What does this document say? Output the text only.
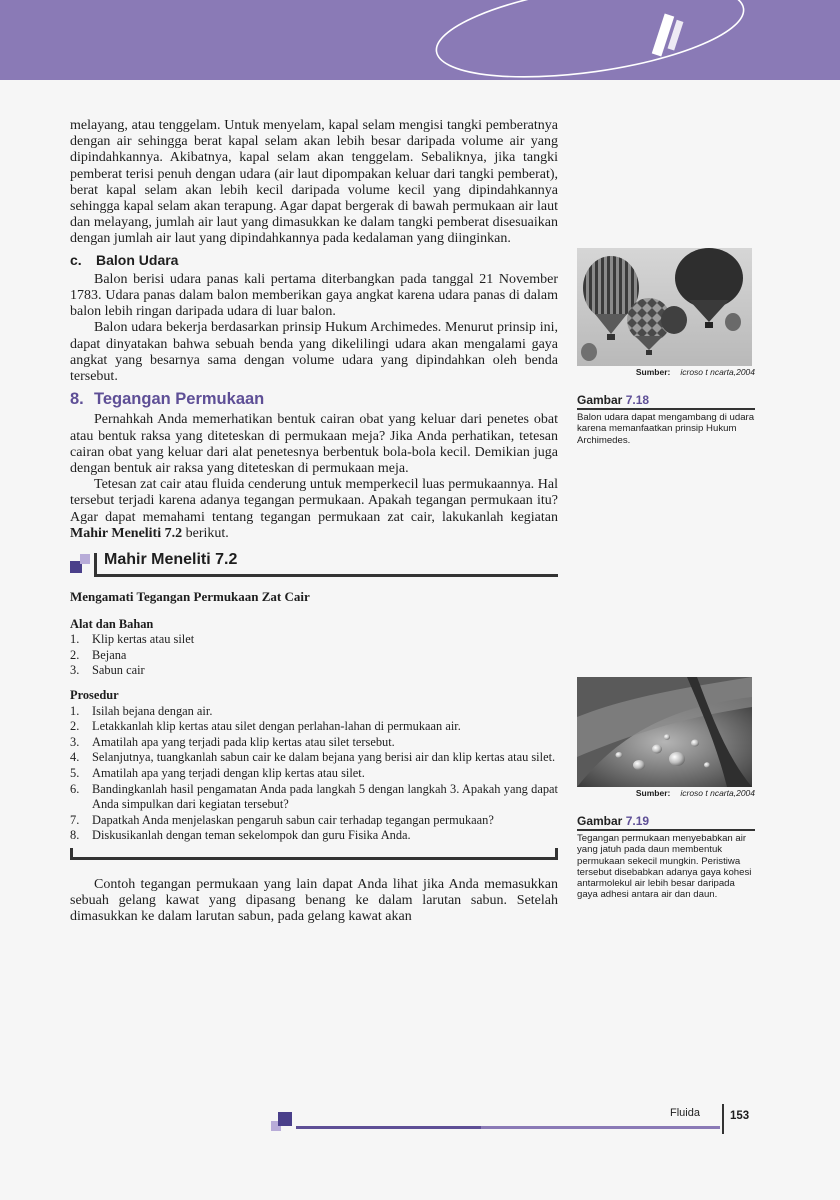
melayang, atau tenggelam. Untuk menyelam, kapal selam mengisi tangki pemberatnya dengan air sehingga berat kapal selam akan lebih besar daripada volume air yang dipindahkannya. Akibatnya, kapal selam akan tenggelam. Sebaliknya, jika tangki pemberat terisi penuh dengan udara (air laut dipompakan keluar dari tangki pemberat), berat kapal selam akan lebih kecil daripada volume kecil yang dipindahkannya sehingga kapal selam akan terapung. Agar dapat bergerak di bawah permukaan air laut dan melayang, jumlah air laut yang dimasukkan ke dalam tangki pemberat disesuaikan dengan jumlah air laut yang dipindahkannya pada kedalaman yang diinginkan.

c. Balon Udara

Balon berisi udara panas kali pertama diterbangkan pada tanggal 21 November 1783. Udara panas dalam balon memberikan gaya angkat karena udara panas di dalam balon lebih ringan daripada udara di luar balon.

Balon udara bekerja berdasarkan prinsip Hukum Archimedes. Menurut prinsip ini, dapat dinyatakan bahwa sebuah benda yang dikelilingi udara akan mengalami gaya angkat yang besarnya sama dengan volume udara yang dipindahkan oleh benda tersebut.

8. Tegangan Permukaan

Pernahkah Anda memerhatikan bentuk cairan obat yang keluar dari penetes obat atau bentuk raksa yang diteteskan di permukaan meja? Jika Anda perhatikan, tetesan cairan obat yang keluar dari alat penetesnya berbentuk bola-bola kecil. Demikian juga dengan bentuk air raksa yang diteteskan di permukaan meja.

Tetesan zat cair atau fluida cenderung untuk memperkecil luas permukaannya. Hal tersebut terjadi karena adanya tegangan permukaan. Apakah tegangan permukaan itu? Agar dapat memahami tentang tegangan permukaan zat cair, lakukanlah kegiatan Mahir Meneliti 7.2 berikut.

Mahir Meneliti 7.2
Mengamati Tegangan Permukaan Zat Cair
Alat dan Bahan
1. Klip kertas atau silet
2. Bejana
3. Sabun cair
Prosedur
1. Isilah bejana dengan air.
2. Letakkanlah klip kertas atau silet dengan perlahan-lahan di permukaan air.
3. Amatilah apa yang terjadi pada klip kertas atau silet tersebut.
4. Selanjutnya, tuangkanlah sabun cair ke dalam bejana yang berisi air dan klip kertas atau silet.
5. Amatilah apa yang terjadi dengan klip kertas atau silet.
6. Bandingkanlah hasil pengamatan Anda pada langkah 5 dengan langkah 3. Apakah yang dapat Anda simpulkan dari kegiatan tersebut?
7. Dapatkah Anda menjelaskan pengaruh sabun cair terhadap tegangan permukaan?
8. Diskusikanlah dengan teman sekelompok dan guru Fisika Anda.

Contoh tegangan permukaan yang lain dapat Anda lihat jika Anda memasukkan sebuah gelang kawat yang dipasang benang ke dalam larutan sabun. Setelah dimasukkan ke dalam larutan sabun, pada gelang kawat akan

Sumber: icroso t ncarta,2004
Gambar 7.18
Balon udara dapat mengambang di udara karena memanfaatkan prinsip Hukum Archimedes.
Sumber: icroso t ncarta,2004
Gambar 7.19
Tegangan permukaan menyebabkan air yang jatuh pada daun membentuk permukaan sekecil mungkin. Peristiwa tersebut disebabkan adanya gaya kohesi antarmolekul air lebih besar daripada gaya adhesi antara air dan daun.
Fluida	153
